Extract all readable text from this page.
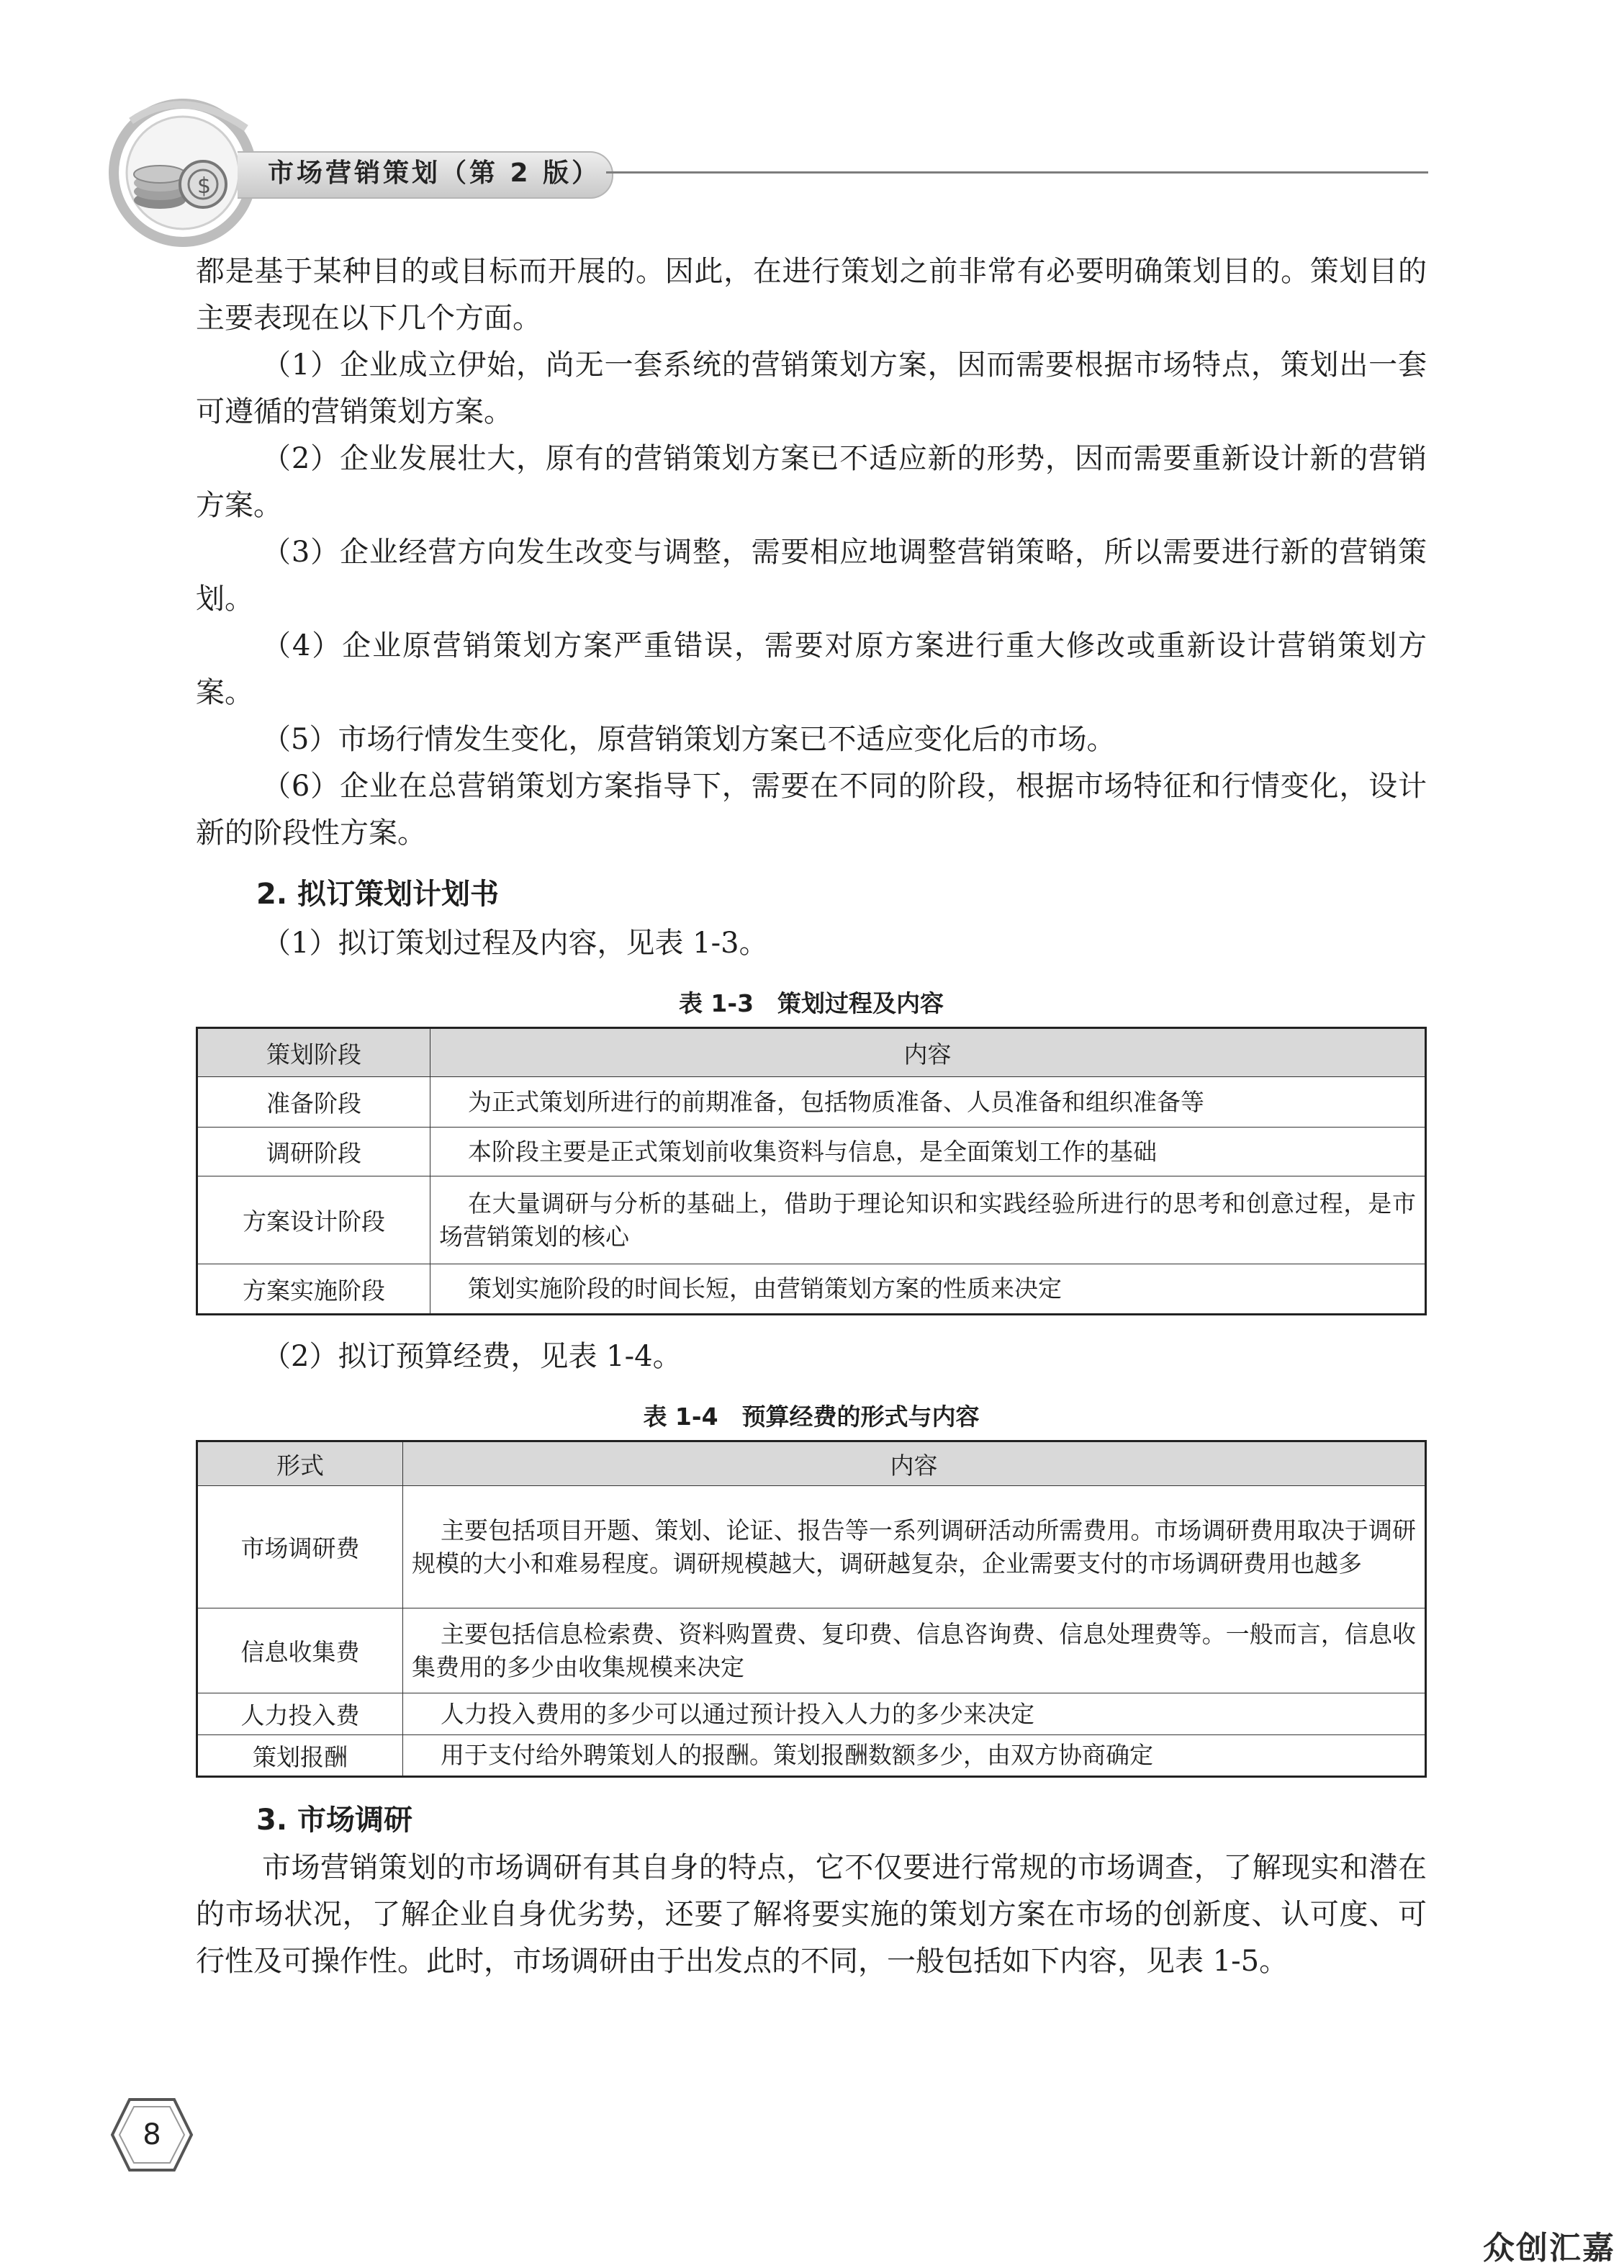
$ 市场营销策划（第 2 版）

都是基于某种目的或目标而开展的。因此，在进行策划之前非常有必要明确策划目的。策划目的主要表现在以下几个方面。

（1）企业成立伊始，尚无一套系统的营销策划方案，因而需要根据市场特点，策划出一套可遵循的营销策划方案。

（2）企业发展壮大，原有的营销策划方案已不适应新的形势，因而需要重新设计新的营销方案。

（3）企业经营方向发生改变与调整，需要相应地调整营销策略，所以需要进行新的营销策划。

（4）企业原营销策划方案严重错误，需要对原方案进行重大修改或重新设计营销策划方案。

（5）市场行情发生变化，原营销策划方案已不适应变化后的市场。

（6）企业在总营销策划方案指导下，需要在不同的阶段，根据市场特征和行情变化，设计新的阶段性方案。

2. 拟订策划计划书

（1）拟订策划过程及内容，见表 1-3。

表 1-3　策划过程及内容
策划阶段	内容
准备阶段	为正式策划所进行的前期准备，包括物质准备、人员准备和组织准备等
调研阶段	本阶段主要是正式策划前收集资料与信息，是全面策划工作的基础
方案设计阶段	在大量调研与分析的基础上，借助于理论知识和实践经验所进行的思考和创意过程，是市场营销策划的核心
方案实施阶段	策划实施阶段的时间长短，由营销策划方案的性质来决定

（2）拟订预算经费，见表 1-4。

表 1-4　预算经费的形式与内容
形式	内容
市场调研费	主要包括项目开题、策划、论证、报告等一系列调研活动所需费用。市场调研费用取决于调研规模的大小和难易程度。调研规模越大，调研越复杂，企业需要支付的市场调研费用也越多
信息收集费	主要包括信息检索费、资料购置费、复印费、信息咨询费、信息处理费等。一般而言，信息收集费用的多少由收集规模来决定
人力投入费	人力投入费用的多少可以通过预计投入人力的多少来决定
策划报酬	用于支付给外聘策划人的报酬。策划报酬数额多少，由双方协商确定

3. 市场调研

市场营销策划的市场调研有其自身的特点，它不仅要进行常规的市场调查，了解现实和潜在的市场状况，了解企业自身优劣势，还要了解将要实施的策划方案在市场的创新度、认可度、可行性及可操作性。此时，市场调研由于出发点的不同，一般包括如下内容，见表 1-5。

8
众创汇嘉
